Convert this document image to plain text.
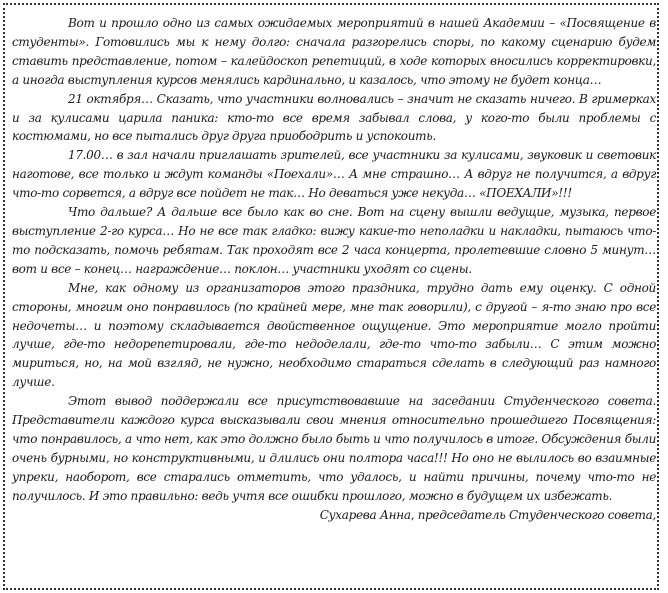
Вот и прошло одно из самых ожидаемых мероприятий в нашей Академии – «Посвящение в студенты». Готовились мы к нему долго: сначала разгорелись споры, по какому сценарию будем ставить представление, потом – калейдоскоп репетиций, в ходе которых вносились корректировки, а иногда выступления курсов менялись кардинально, и казалось, что этому не будет конца…

21 октября… Сказать, что участники волновались – значит не сказать ничего. В гримерках и за кулисами царила паника: кто-то все время забывал слова, у кого-то были проблемы с костюмами, но все пытались друг друга приободрить и успокоить.

17.00… в зал начали приглашать зрителей, все участники за кулисами, звуковик и световик наготове, все только и ждут команды «Поехали»… А мне страшно… А вдруг не получится, а вдруг что-то сорвется, а вдруг все пойдет не так… Но деваться уже некуда… «ПОЕХАЛИ»!!!

Что дальше? А дальше все было как во сне. Вот на сцену вышли ведущие, музыка, первое выступление 2-го курса… Но не все так гладко: вижу какие-то неполадки и накладки, пытаюсь что-то подсказать, помочь ребятам. Так проходят все 2 часа концерта, пролетевшие словно 5 минут… вот и все – конец… награждение… поклон… участники уходят со сцены.

Мне, как одному из организаторов этого праздника, трудно дать ему оценку. С одной стороны, многим оно понравилось (по крайней мере, мне так говорили), с другой – я-то знаю про все недочеты… и поэтому складывается двойственное ощущение. Это мероприятие могло пройти лучше, где-то недорепетировали, где-то недоделали, где-то что-то забыли… С этим можно мириться, но, на мой взгляд, не нужно, необходимо стараться сделать в следующий раз намного лучше.

Этот вывод поддержали все присутствовавшие на заседании Студенческого совета. Представители каждого курса высказывали свои мнения относительно прошедшего Посвящения: что понравилось, а что нет, как это должно было быть и что получилось в итоге. Обсуждения были очень бурными, но конструктивными, и длились они полтора часа!!! Но оно не вылилось во взаимные упреки, наоборот, все старались отметить, что удалось, и найти причины, почему что-то не получилось. И это правильно: ведь учтя все ошибки прошлого, можно в будущем их избежать.

Сухарева Анна, председатель Студенческого совета,
